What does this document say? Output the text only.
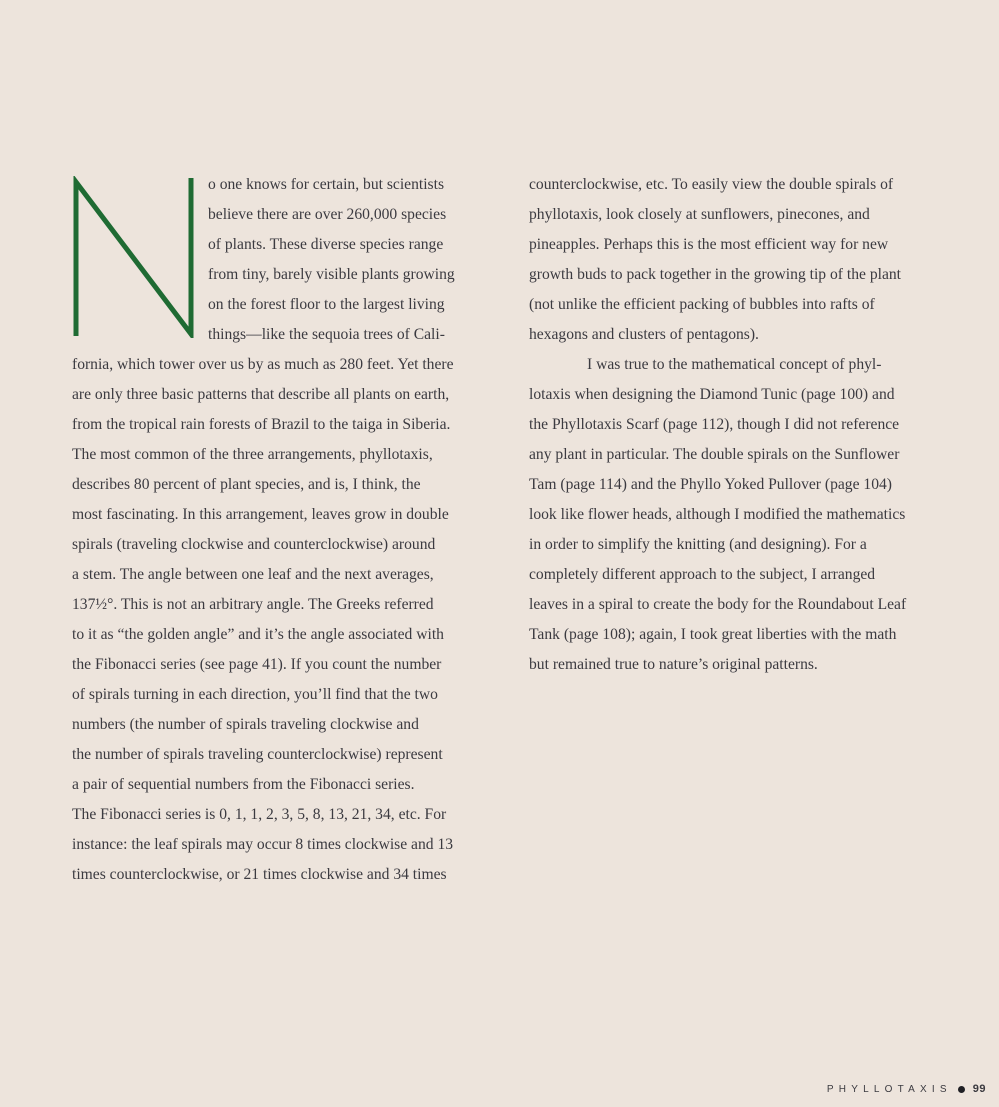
o one knows for certain, but scientists
believe there are over 260,000 species
of plants. These diverse species range
from tiny, barely visible plants growing
on the forest floor to the largest living
things—like the sequoia trees of Cali-
fornia, which tower over us by as much as 280 feet. Yet there
are only three basic patterns that describe all plants on earth,
from the tropical rain forests of Brazil to the taiga in Siberia.
The most common of the three arrangements, phyllotaxis,
describes 80 percent of plant species, and is, I think, the
most fascinating. In this arrangement, leaves grow in double
spirals (traveling clockwise and counterclockwise) around
a stem. The angle between one leaf and the next averages,
137½°. This is not an arbitrary angle. The Greeks referred
to it as “the golden angle” and it’s the angle associated with
the Fibonacci series (see page 41). If you count the number
of spirals turning in each direction, you’ll find that the two
numbers (the number of spirals traveling clockwise and
the number of spirals traveling counterclockwise) represent
a pair of sequential numbers from the Fibonacci series.
The Fibonacci series is 0, 1, 1, 2, 3, 5, 8, 13, 21, 34, etc. For
instance: the leaf spirals may occur 8 times clockwise and 13
times counterclockwise, or 21 times clockwise and 34 times
counterclockwise, etc. To easily view the double spirals of
phyllotaxis, look closely at sunflowers, pinecones, and
pineapples. Perhaps this is the most efficient way for new
growth buds to pack together in the growing tip of the plant
(not unlike the efficient packing of bubbles into rafts of
hexagons and clusters of pentagons).
I was true to the mathematical concept of phyl-
lotaxis when designing the Diamond Tunic (page 100) and
the Phyllotaxis Scarf (page 112), though I did not reference
any plant in particular. The double spirals on the Sunflower
Tam (page 114) and the Phyllo Yoked Pullover (page 104)
look like flower heads, although I modified the mathematics
in order to simplify the knitting (and designing). For a
completely different approach to the subject, I arranged
leaves in a spiral to create the body for the Roundabout Leaf
Tank (page 108); again, I took great liberties with the math
but remained true to nature’s original patterns.
PHYLLOTAXIS 99
